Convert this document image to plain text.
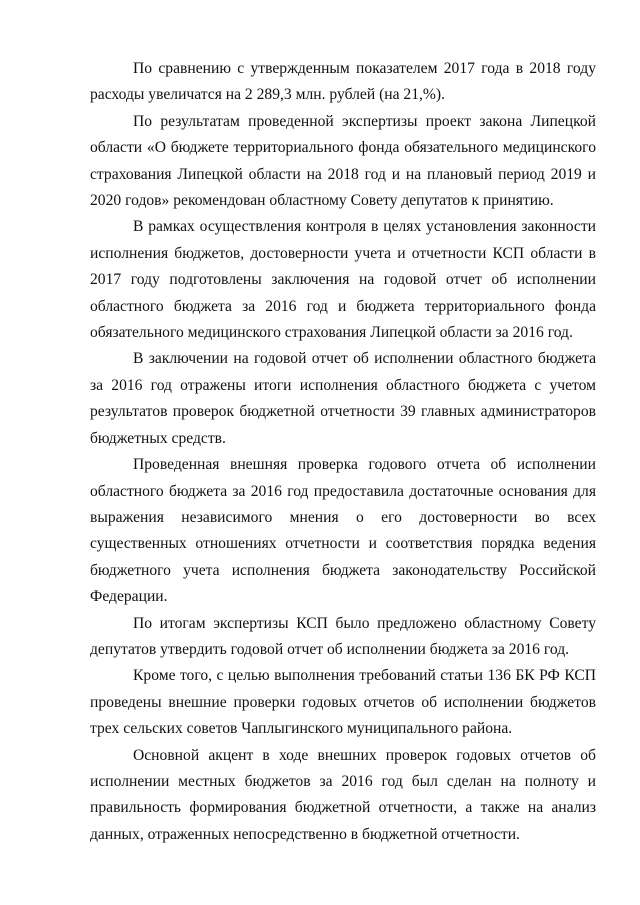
По сравнению с утвержденным показателем 2017 года в 2018 году расходы увеличатся на 2 289,3 млн. рублей (на 21,%).

По результатам проведенной экспертизы проект закона Липецкой области «О бюджете территориального фонда обязательного медицинского страхования Липецкой области на 2018 год и на плановый период 2019 и 2020 годов» рекомендован областному Совету депутатов к принятию.

В рамках осуществления контроля в целях установления законности исполнения бюджетов, достоверности учета и отчетности КСП области в 2017 году подготовлены заключения на годовой отчет об исполнении областного бюджета за 2016 год и бюджета территориального фонда обязательного медицинского страхования Липецкой области за 2016 год.

В заключении на годовой отчет об исполнении областного бюджета за 2016 год отражены итоги исполнения областного бюджета с учетом результатов проверок бюджетной отчетности 39 главных администраторов бюджетных средств.

Проведенная внешняя проверка годового отчета об исполнении областного бюджета за 2016 год предоставила достаточные основания для выражения независимого мнения о его достоверности во всех существенных отношениях отчетности и соответствия порядка ведения бюджетного учета исполнения бюджета законодательству Российской Федерации.

По итогам экспертизы КСП было предложено областному Совету депутатов утвердить годовой отчет об исполнении бюджета за 2016 год.

Кроме того, с целью выполнения требований статьи 136 БК РФ КСП проведены внешние проверки годовых отчетов об исполнении бюджетов трех сельских советов Чаплыгинского муниципального района.

Основной акцент в ходе внешних проверок годовых отчетов об исполнении местных бюджетов за 2016 год был сделан на полноту и правильность формирования бюджетной отчетности, а также на анализ данных, отраженных непосредственно в бюджетной отчетности.
